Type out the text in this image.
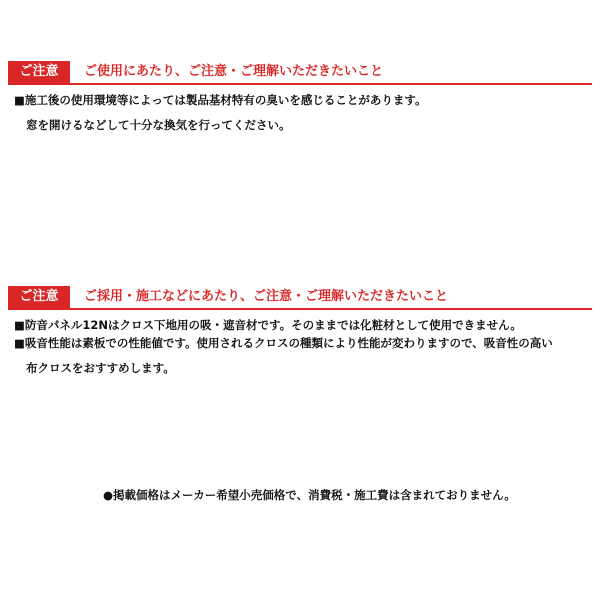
ご注意	ご使用にあたり、ご注意・ご理解いただきたいこと
■施工後の使用環境等によっては製品基材特有の臭いを感じることがあります。
窓を開けるなどして十分な換気を行ってください。
ご注意	ご採用・施工などにあたり、ご注意・ご理解いただきたいこと
■防音パネル12Nはクロス下地用の吸・遮音材です。そのままでは化粧材として使用できません。
■吸音性能は素板での性能値です。使用されるクロスの種類により性能が変わりますので、吸音性の高い
布クロスをおすすめします。
●掲載価格はメーカー希望小売価格で、消費税・施工費は含まれておりません。
